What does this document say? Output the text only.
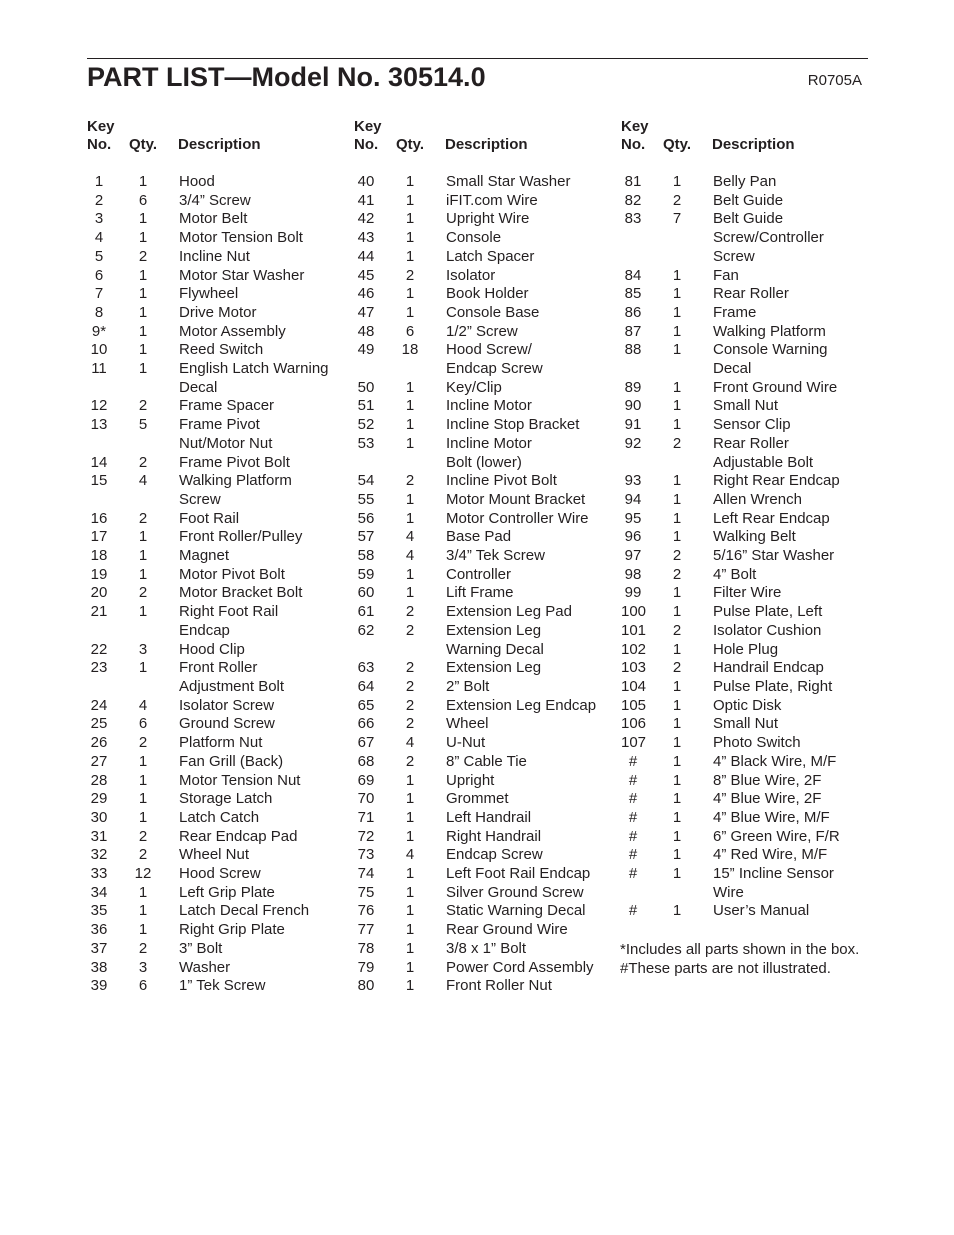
PART LIST—Model No. 30514.0	R0705A
Key
No.	Qty. Description
1	1	Hood
2	6	3/4” Screw
3	1	Motor Belt
4	1	Motor Tension Bolt
5	2	Incline Nut
6	1	Motor Star Washer
7	1	Flywheel
8	1	Drive Motor
9*	1	Motor Assembly
10	1	Reed Switch
11	1	English Latch Warning
Decal
12	2	Frame Spacer
13	5	Frame Pivot
Nut/Motor Nut
14	2	Frame Pivot Bolt
15	4	Walking Platform
Screw
16	2	Foot Rail
17	1	Front Roller/Pulley
18	1	Magnet
19	1	Motor Pivot Bolt
20	2	Motor Bracket Bolt
21	1	Right Foot Rail
Endcap
22	3	Hood Clip
23	1	Front Roller
Adjustment Bolt
24	4	Isolator Screw
25	6	Ground Screw
26	2	Platform Nut
27	1	Fan Grill (Back)
28	1	Motor Tension Nut
29	1	Storage Latch
30	1	Latch Catch
31	2	Rear Endcap Pad
32	2	Wheel Nut
33 12 Hood Screw
34	1	Left Grip Plate
35	1	Latch Decal French
36	1	Right Grip Plate
37	2	3” Bolt
38	3	Washer
39	6	1” Tek Screw
Key
No.	Qty. Description
40	1	Small Star Washer
41	1	iFIT.com Wire
42	1	Upright Wire
43	1	Console
44	1	Latch Spacer
45	2	Isolator
46	1	Book Holder
47	1	Console Base
48	6	1/2” Screw
49 18 Hood Screw/
Endcap Screw
50	1	Key/Clip
51	1	Incline Motor
52	1	Incline Stop Bracket
53	1	Incline Motor
Bolt (lower)
54	2	Incline Pivot Bolt
55	1	Motor Mount Bracket
56	1	Motor Controller Wire
57	4	Base Pad
58	4	3/4” Tek Screw
59	1	Controller
60	1	Lift Frame
61	2	Extension Leg Pad
62	2	Extension Leg
Warning Decal
63	2	Extension Leg
64	2	2” Bolt
65	2	Extension Leg Endcap
66	2	Wheel
67	4	U-Nut
68	2	8” Cable Tie
69	1	Upright
70	1	Grommet
71	1	Left Handrail
72	1	Right Handrail
73	4	Endcap Screw
74	1	Left Foot Rail Endcap
75	1	Silver Ground Screw
76	1	Static Warning Decal
77	1	Rear Ground Wire
78	1	3/8 x 1” Bolt
79	1	Power Cord Assembly
80	1	Front Roller Nut
Key
No.	Qty. Description
81	1	Belly Pan
82	2	Belt Guide
83	7	Belt Guide
Screw/Controller
Screw
84	1	Fan
85	1	Rear Roller
86	1	Frame
87	1	Walking Platform
88	1	Console Warning
Decal
89	1	Front Ground Wire
90	1	Small Nut
91	1	Sensor Clip
92	2	Rear Roller
Adjustable Bolt
93	1	Right Rear Endcap
94	1	Allen Wrench
95	1	Left Rear Endcap
96	1	Walking Belt
97	2	5/16” Star Washer
98	2	4” Bolt
99	1	Filter Wire
100	1	Pulse Plate, Left
101	2	Isolator Cushion
102	1	Hole Plug
103	2	Handrail Endcap
104	1	Pulse Plate, Right
105	1	Optic Disk
106	1	Small Nut
107	1	Photo Switch
#	1	4” Black Wire, M/F
#	1	8” Blue Wire, 2F
#	1	4” Blue Wire, 2F
#	1	4” Blue Wire, M/F
#	1	6” Green Wire, F/R
#	1	4” Red Wire, M/F
#	1	15” Incline Sensor
Wire
#	1	User’s Manual
*Includes all parts shown in the box.
#These parts are not illustrated.
